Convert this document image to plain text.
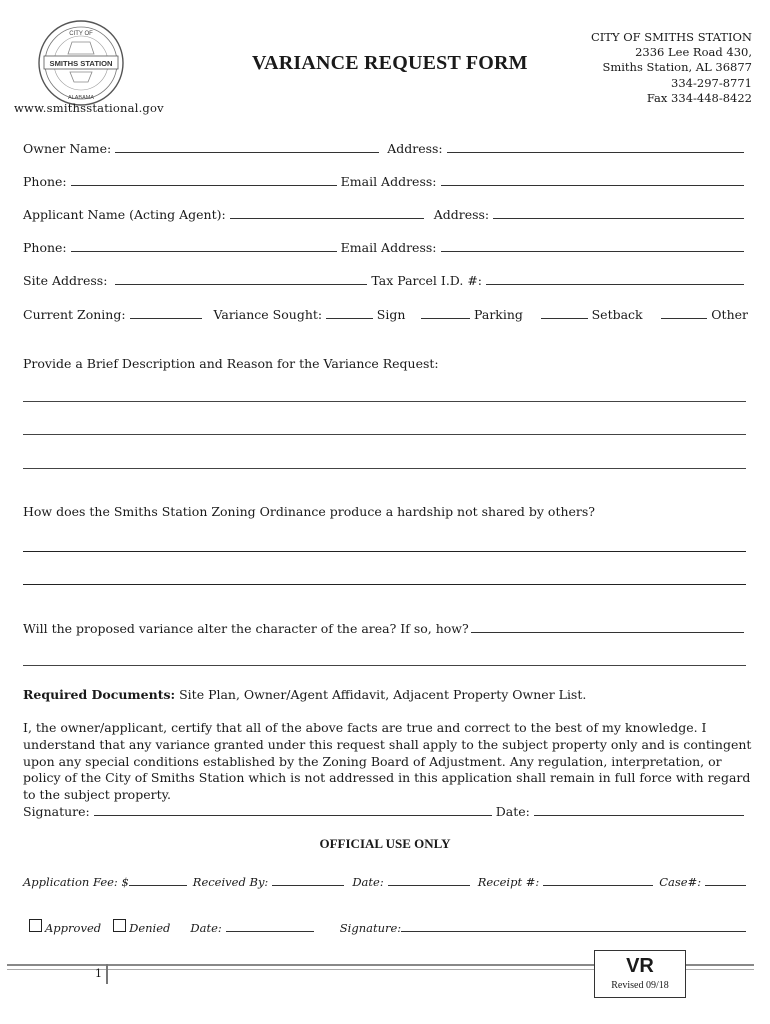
CITY OF
SMITHS STATION
ALABAMA
www.smithsstational.gov
VARIANCE REQUEST FORM
CITY OF SMITHS STATION
2336 Lee Road 430,
Smiths Station, AL 36877
334-297-8771
Fax 334-448-8422
Owner Name:	Address:
Phone:	Email Address:
Applicant Name (Acting Agent):	Address:
Phone:	Email Address:
Site Address:	Tax Parcel I.D. #:
Current Zoning:	Variance Sought:	Sign	Parking	Setback	Other
Provide a Brief Description and Reason for the Variance Request:
How does the Smiths Station Zoning Ordinance produce a hardship not shared by others?
Will the proposed variance alter the character of the area? If so, how?
Required Documents: Site Plan, Owner/Agent Affidavit, Adjacent Property Owner List.
I, the owner/applicant, certify that all of the above facts are true and correct to the best of my knowledge. I understand that any variance granted under this request shall apply to the subject property only and is contingent upon any special conditions established by the Zoning Board of Adjustment. Any regulation, interpretation, or policy of the City of Smiths Station which is not addressed in this application shall remain in full force with regard to the subject property.
Signature:	Date:
OFFICIAL USE ONLY
Application Fee: $	Received By:	Date:	Receipt #:	Case#:
Approved Denied Date:	Signature:
1	VR
Revised 09/18
